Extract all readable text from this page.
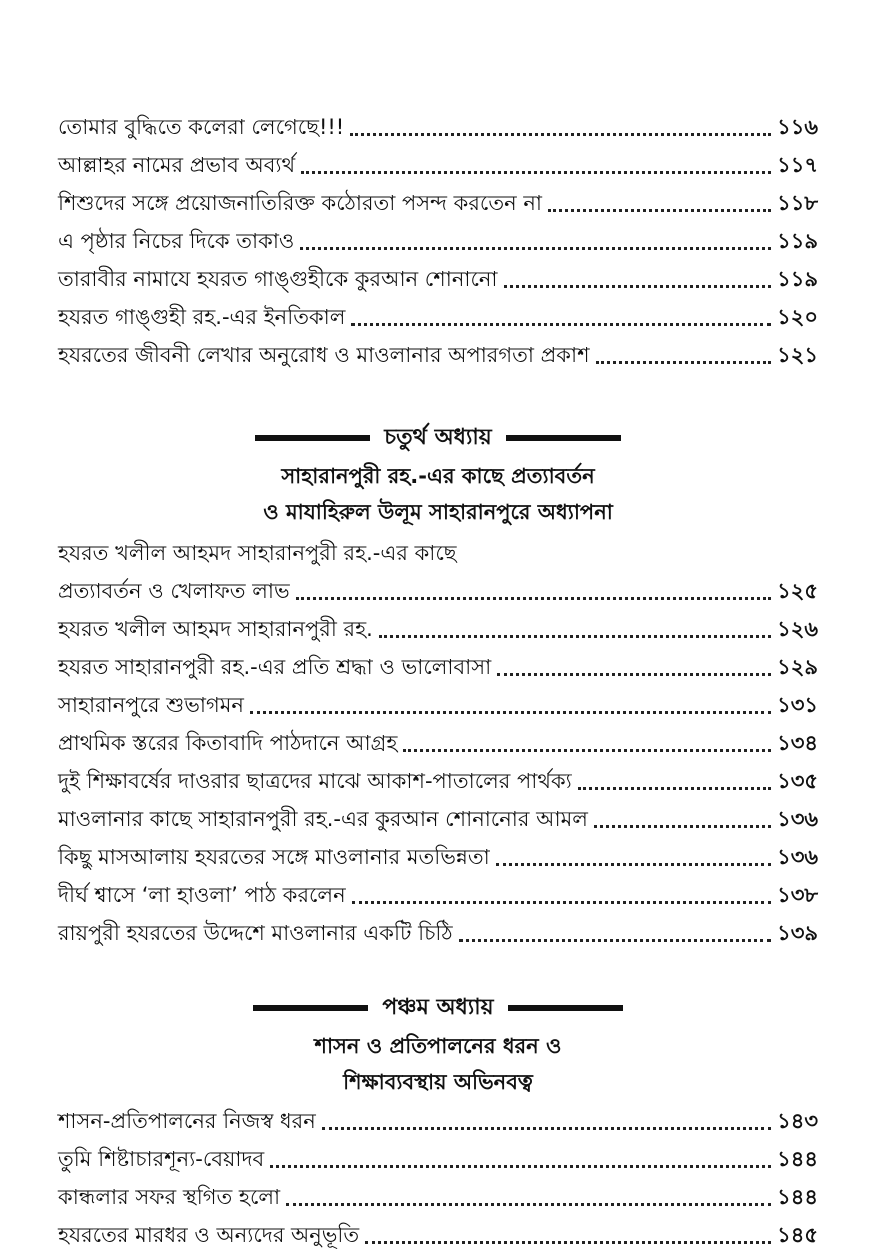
তোমার বুদ্ধিতে কলেরা লেগেছে!!!	১১৬
আল্লাহর নামের প্রভাব অব্যর্থ	১১৭
শিশুদের সঙ্গে প্রয়োজনাতিরিক্ত কঠোরতা পসন্দ করতেন না	১১৮
এ পৃষ্ঠার নিচের দিকে তাকাও	১১৯
তারাবীর নামাযে হযরত গাঙ্গুহীকে কুরআন শোনানো	১১৯
হযরত গাঙ্গুহী রহ.-এর ইনতিকাল	১২০
হযরতের জীবনী লেখার অনুরোধ ও মাওলানার অপারগতা প্রকাশ	১২১
চতুর্থ অধ্যায়
সাহারানপুরী রহ.-এর কাছে প্রত্যাবর্তন
ও মাযাহিরুল উলূম সাহারানপুরে অধ্যাপনা
হযরত খলীল আহমদ সাহারানপুরী রহ.-এর কাছে
প্রত্যাবর্তন ও খেলাফত লাভ	১২৫
হযরত খলীল আহমদ সাহারানপুরী রহ.	১২৬
হযরত সাহারানপুরী রহ.-এর প্রতি শ্রদ্ধা ও ভালোবাসা	১২৯
সাহারানপুরে শুভাগমন	১৩১
প্রাথমিক স্তরের কিতাবাদি পাঠদানে আগ্রহ	১৩৪
দুই শিক্ষাবর্ষের দাওরার ছাত্রদের মাঝে আকাশ-পাতালের পার্থক্য	১৩৫
মাওলানার কাছে সাহারানপুরী রহ.-এর কুরআন শোনানোর আমল	১৩৬
কিছু মাসআলায় হযরতের সঙ্গে মাওলানার মতভিন্নতা	১৩৬
দীর্ঘ শ্বাসে ‘লা হাওলা’ পাঠ করলেন	১৩৮
রায়পুরী হযরতের উদ্দেশে মাওলানার একটি চিঠি	১৩৯
পঞ্চম অধ্যায়
শাসন ও প্রতিপালনের ধরন ও
শিক্ষাব্যবস্থায় অভিনবত্ব
শাসন-প্রতিপালনের নিজস্ব ধরন	১৪৩
তুমি শিষ্টাচারশূন্য-বেয়াদব	১৪৪
কান্ধলার সফর স্থগিত হলো	১৪৪
হযরতের মারধর ও অন্যদের অনুভূতি	১৪৫
